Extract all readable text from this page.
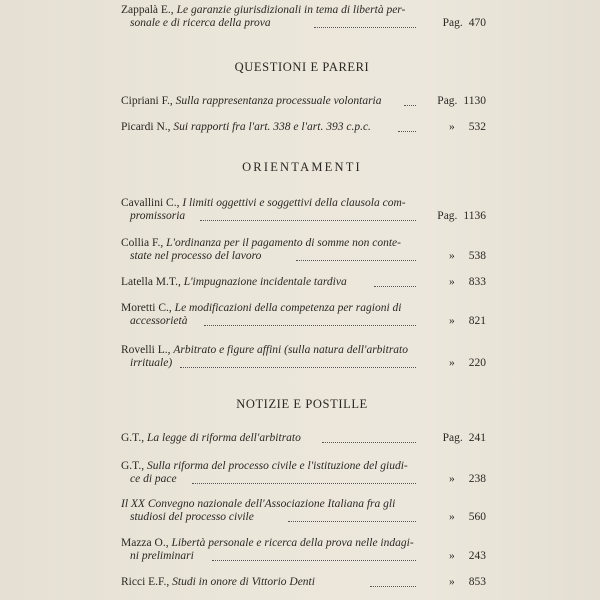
Zappalà E., Le garanzie giurisdizionali in tema di libertà per-
sonale e di ricerca della prova	Pag. 470
QUESTIONI E PARERI
Cipriani F., Sulla rappresentanza processuale volontaria	Pag. 1130
Picardi N., Sui rapporti fra l'art. 338 e l'art. 393 c.p.c.	» 532
ORIENTAMENTI
Cavallini C., I limiti oggettivi e soggettivi della clausola com-
promissoria	Pag. 1136
Collia F., L'ordinanza per il pagamento di somme non conte-
state nel processo del lavoro	» 538
Latella M.T., L'impugnazione incidentale tardiva	» 833
Moretti C., Le modificazioni della competenza per ragioni di
accessorietà	» 821
Rovelli L., Arbitrato e figure affini (sulla natura dell'arbitrato
irrituale)	» 220
NOTIZIE E POSTILLE
G.T., La legge di riforma dell'arbitrato	Pag. 241
G.T., Sulla riforma del processo civile e l'istituzione del giudi-
ce di pace	» 238
Il XX Convegno nazionale dell'Associazione Italiana fra gli
studiosi del processo civile	» 560
Mazza O., Libertà personale e ricerca della prova nelle indagi-
ni preliminari	» 243
Ricci E.F., Studi in onore di Vittorio Denti	» 853
